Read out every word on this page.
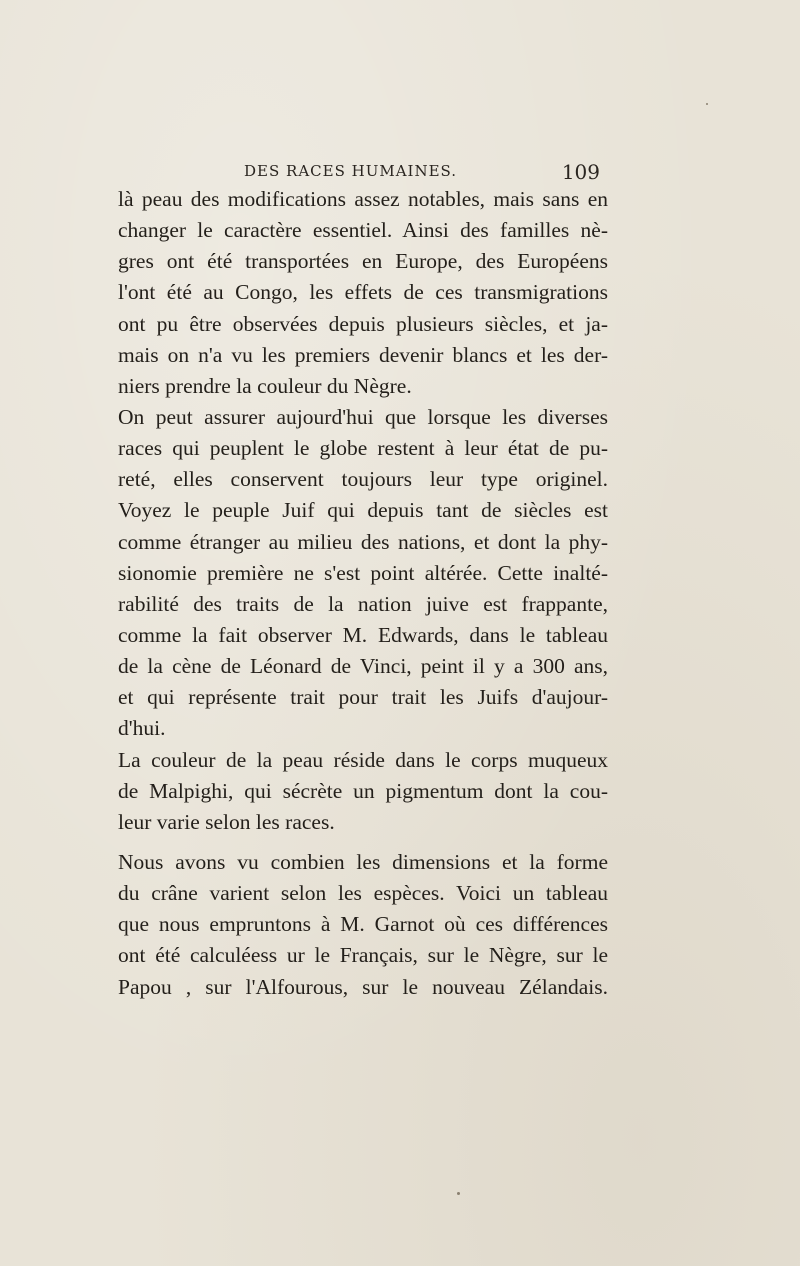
DES RACES HUMAINES.	109
là peau des modifications assez notables, mais sans en
changer le caractère essentiel. Ainsi des familles nè-
gres ont été transportées en Europe, des Européens
l'ont été au Congo, les effets de ces transmigrations
ont pu être observées depuis plusieurs siècles, et ja-
mais on n'a vu les premiers devenir blancs et les der-
niers prendre la couleur du Nègre.
On peut assurer aujourd'hui que lorsque les diverses
races qui peuplent le globe restent à leur état de pu-
reté, elles conservent toujours leur type originel.
Voyez le peuple Juif qui depuis tant de siècles est
comme étranger au milieu des nations, et dont la phy-
sionomie première ne s'est point altérée. Cette inalté-
rabilité des traits de la nation juive est frappante,
comme la fait observer M. Edwards, dans le tableau
de la cène de Léonard de Vinci, peint il y a 300 ans,
et qui représente trait pour trait les Juifs d'aujour-
d'hui.
La couleur de la peau réside dans le corps muqueux
de Malpighi, qui sécrète un pigmentum dont la cou-
leur varie selon les races.
Nous avons vu combien les dimensions et la forme
du crâne varient selon les espèces. Voici un tableau
que nous empruntons à M. Garnot où ces différences
ont été calculéess ur le Français, sur le Nègre, sur le
Papou , sur l'Alfourous, sur le nouveau Zélandais.
